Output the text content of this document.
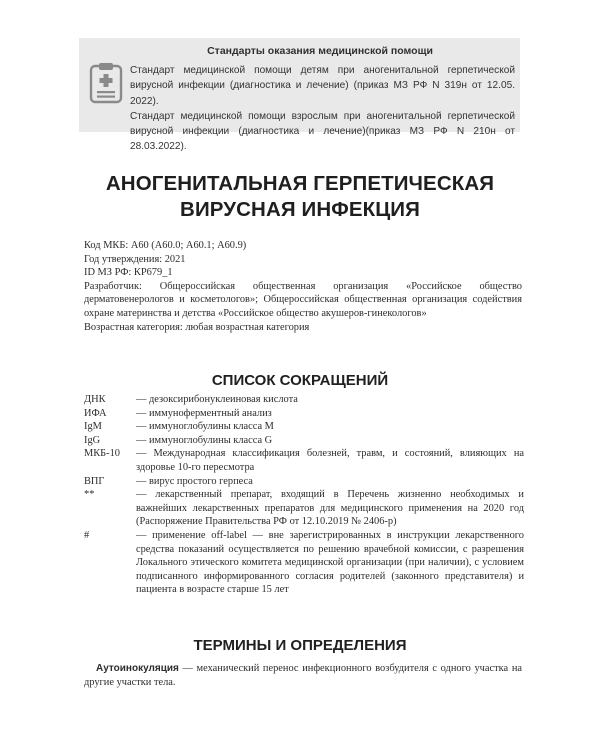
Стандарты оказания медицинской помощи

Стандарт медицинской помощи детям при аногенитальной герпетической вирусной инфекции (диагностика и лечение) (приказ МЗ РФ N 319н от 12.05. 2022).

Стандарт медицинской помощи взрослым при аногенитальной герпетической вирусной инфекции (диагностика и лечение)(приказ МЗ РФ N 210н от 28.03.2022).

АНОГЕНИТАЛЬНАЯ ГЕРПЕТИЧЕСКАЯ
ВИРУСНАЯ ИНФЕКЦИЯ

Код МКБ: А60 (А60.0; А60.1; А60.9)

Год утверждения: 2021

ID МЗ РФ: КР679_1

Разработчик: Общероссийская общественная организация «Российское общество дерматовенерологов и косметологов»; Общероссийская общественная организация содействия охране материнства и детства «Российское общество акушеров-гинекологов»

Возрастная категория: любая возрастная категория

СПИСОК СОКРАЩЕНИЙ
ДНК	— дезоксирибонуклеиновая кислота
ИФА	— иммуноферментный анализ
IgM	— иммуноглобулины класса М
IgG	— иммуноглобулины класса G
МКБ-10	— Международная классификация болезней, травм, и состояний, влияющих на здоровье 10-го пересмотра
ВПГ	— вирус простого герпеса
**	— лекарственный препарат, входящий в Перечень жизненно необходимых и важнейших лекарственных препаратов для медицинского применения на 2020 год (Распоряжение Правительства РФ от 12.10.2019 № 2406-р)
#	— применение off-label — вне зарегистрированных в инструкции лекарственного средства показаний осуществляется по решению врачебной комиссии, с разрешения Локального этического комитета медицинской организации (при наличии), с условием подписанного информированного согласия родителей (законного представителя) и пациента в возрасте старше 15 лет
ТЕРМИНЫ И ОПРЕДЕЛЕНИЯ

Аутоинокуляция — механический перенос инфекционного возбудителя с одного участка на другие участки тела.
